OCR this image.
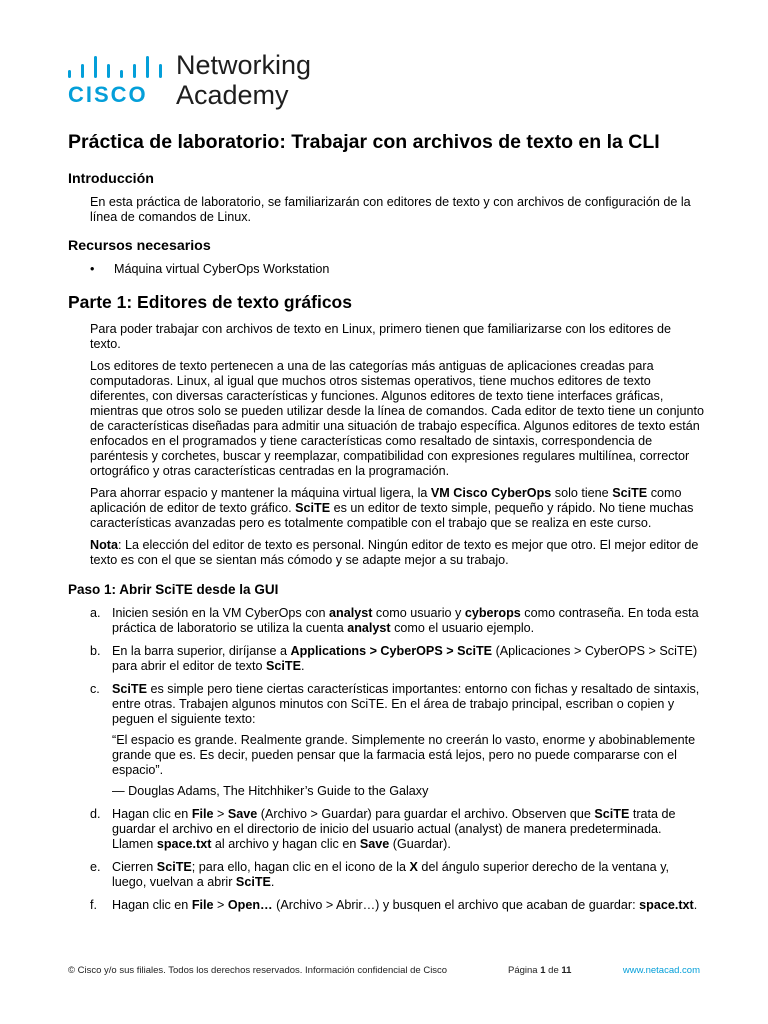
CISCO
Networking
Academy
Práctica de laboratorio: Trabajar con archivos de texto en la CLI
Introducción

En esta práctica de laboratorio, se familiarizarán con editores de texto y con archivos de configuración de la línea de comandos de Linux.

Recursos necesarios
• Máquina virtual CyberOps Workstation
Parte 1: Editores de texto gráficos

Para poder trabajar con archivos de texto en Linux, primero tienen que familiarizarse con los editores de texto.

Los editores de texto pertenecen a una de las categorías más antiguas de aplicaciones creadas para computadoras. Linux, al igual que muchos otros sistemas operativos, tiene muchos editores de texto diferentes, con diversas características y funciones. Algunos editores de texto tiene interfaces gráficas, mientras que otros solo se pueden utilizar desde la línea de comandos. Cada editor de texto tiene un conjunto de características diseñadas para admitir una situación de trabajo específica. Algunos editores de texto están enfocados en el programados y tiene características como resaltado de sintaxis, correspondencia de paréntesis y corchetes, buscar y reemplazar, compatibilidad con expresiones regulares multilínea, corrector ortográfico y otras características centradas en la programación.

Para ahorrar espacio y mantener la máquina virtual ligera, la VM Cisco CyberOps solo tiene SciTE como aplicación de editor de texto gráfico. SciTE es un editor de texto simple, pequeño y rápido. No tiene muchas características avanzadas pero es totalmente compatible con el trabajo que se realiza en este curso.

Nota: La elección del editor de texto es personal. Ningún editor de texto es mejor que otro. El mejor editor de texto es con el que se sientan más cómodo y se adapte mejor a su trabajo.

Paso 1: Abrir SciTE desde la GUI
a. Inicien sesión en la VM CyberOps con analyst como usuario y cyberops como contraseña. En toda esta práctica de laboratorio se utiliza la cuenta analyst como el usuario ejemplo.
b. En la barra superior, diríjanse a Applications > CyberOPS > SciTE (Aplicaciones > CyberOPS > SciTE) para abrir el editor de texto SciTE.
c. SciTE es simple pero tiene ciertas características importantes: entorno con fichas y resaltado de sintaxis, entre otras. Trabajen algunos minutos con SciTE. En el área de trabajo principal, escriban o copien y peguen el siguiente texto:

“El espacio es grande. Realmente grande. Simplemente no creerán lo vasto, enorme y abobinablemente grande que es. Es decir, pueden pensar que la farmacia está lejos, pero no puede compararse con el espacio”.

— Douglas Adams, The Hitchhiker’s Guide to the Galaxy

d. Hagan clic en File > Save (Archivo > Guardar) para guardar el archivo. Observen que SciTE trata de guardar el archivo en el directorio de inicio del usuario actual (analyst) de manera predeterminada. Llamen space.txt al archivo y hagan clic en Save (Guardar).
e. Cierren SciTE; para ello, hagan clic en el icono de la X del ángulo superior derecho de la ventana y, luego, vuelvan a abrir SciTE.
f. Hagan clic en File > Open… (Archivo > Abrir…) y busquen el archivo que acaban de guardar: space.txt.
© Cisco y/o sus filiales. Todos los derechos reservados. Información confidencial de Cisco	Página 1 de 11	www.netacad.com
